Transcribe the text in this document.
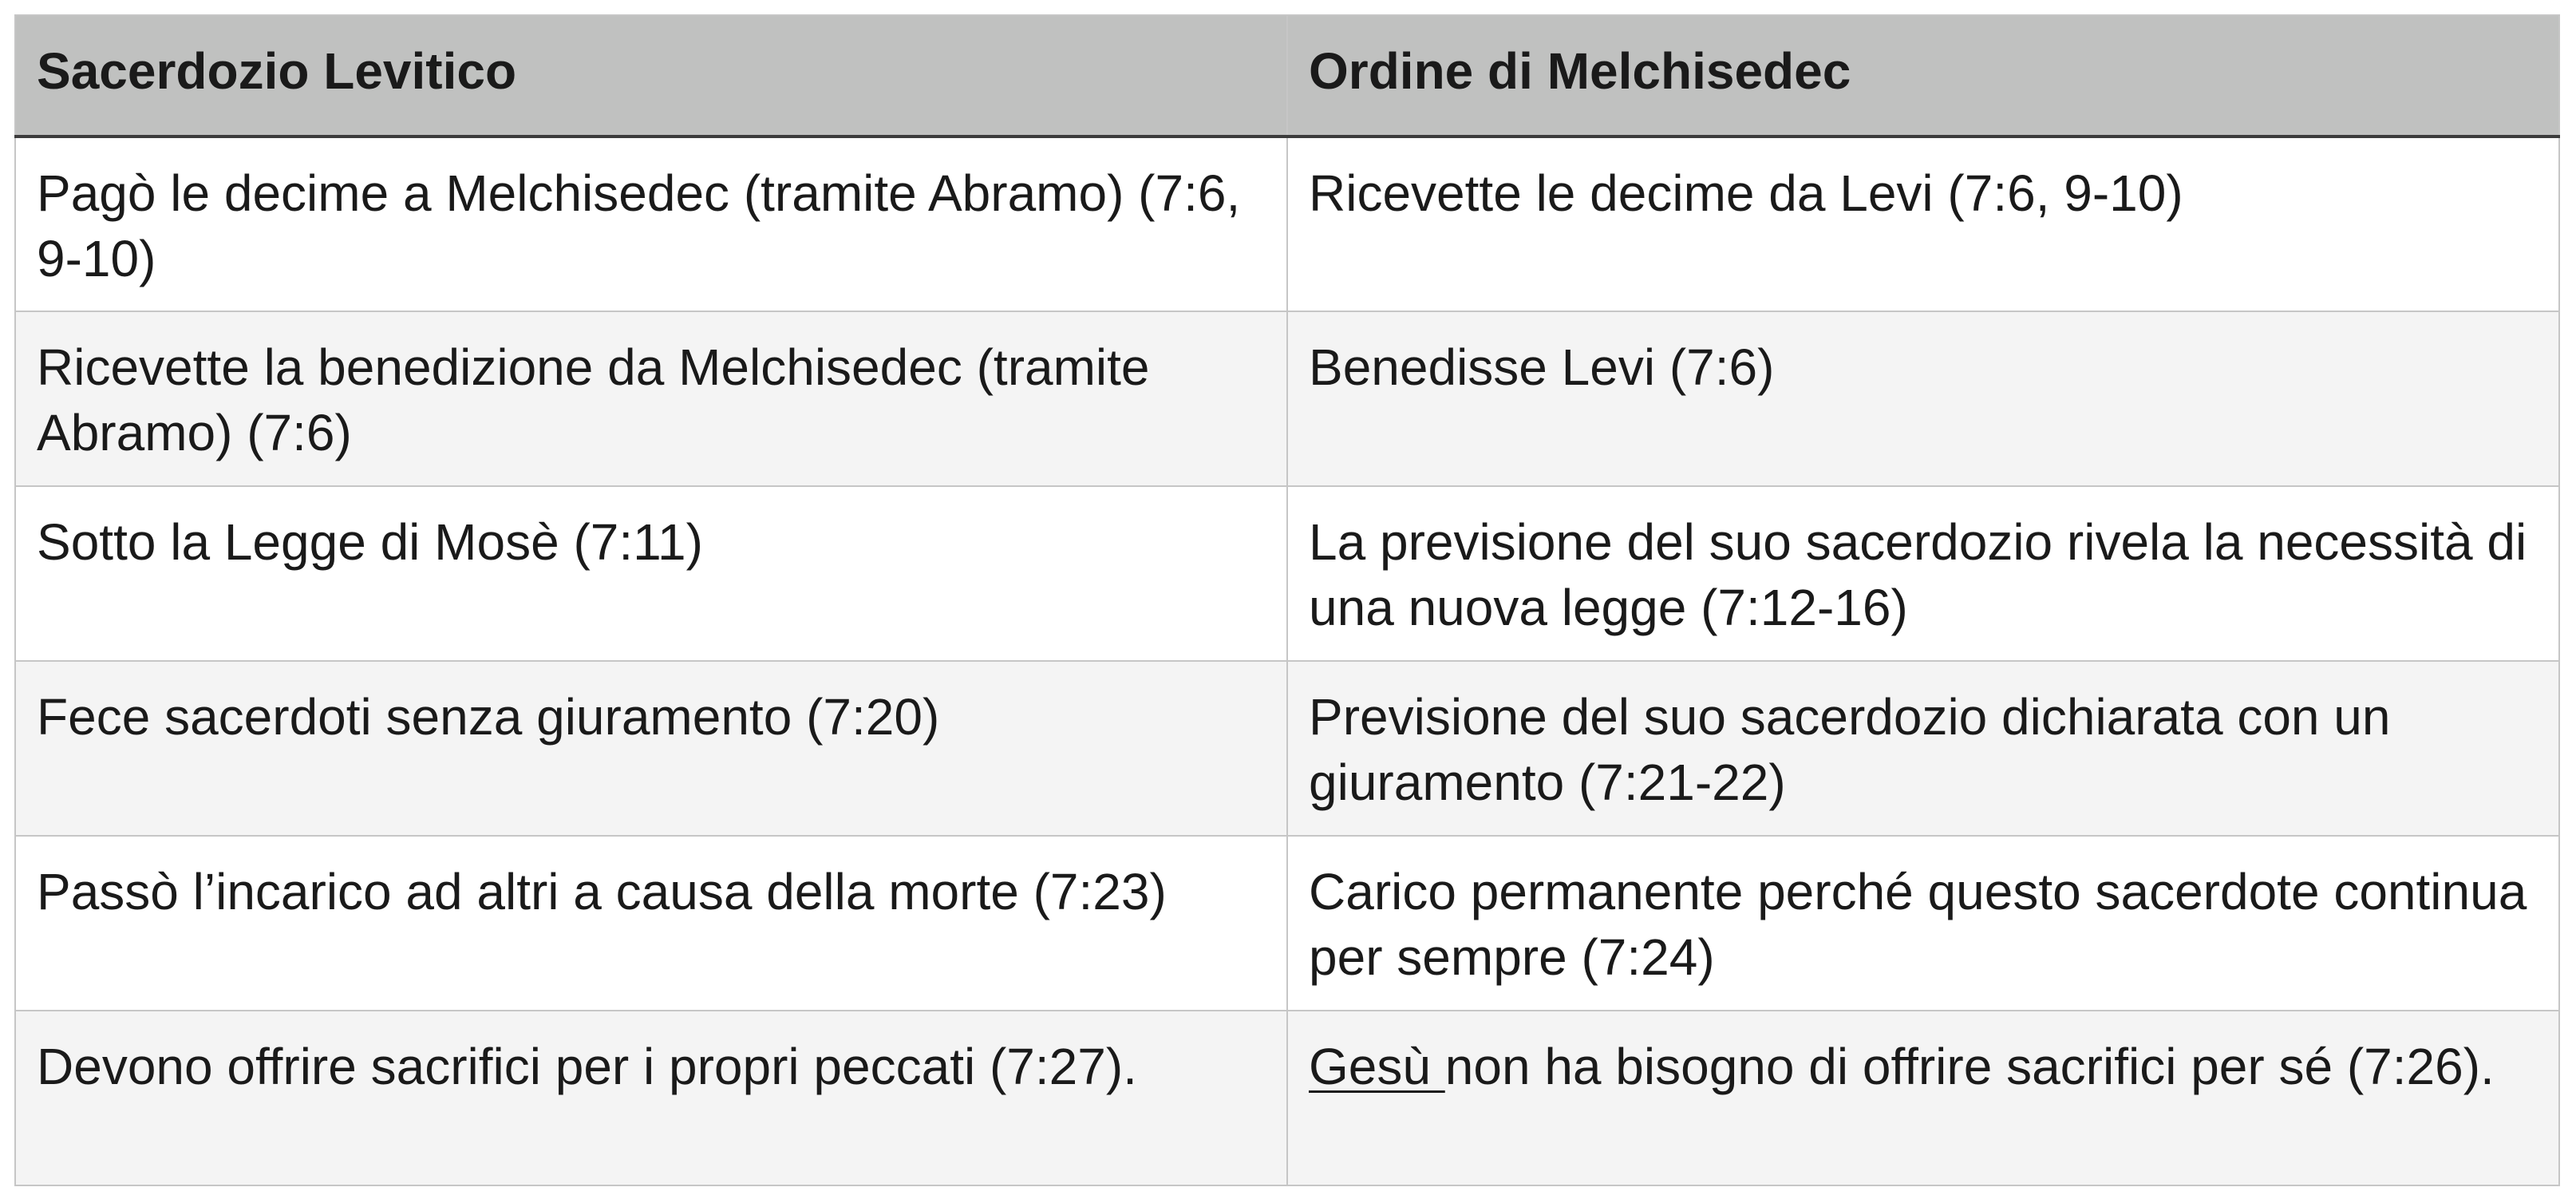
Sacerdozio Levitico	Ordine di Melchisedec
Pagò le decime a Melchisedec (tramite Abramo) (7:6, 9-10)	Ricevette le decime da Levi (7:6, 9-10)
Ricevette la benedizione da Melchisedec (tramite Abramo) (7:6)	Benedisse Levi (7:6)
Sotto la Legge di Mosè (7:11)	La previsione del suo sacerdozio rivela la necessità di una nuova legge (7:12-16)
Fece sacerdoti senza giuramento (7:20)	Previsione del suo sacerdozio dichiarata con un giuramento (7:21-22)
Passò l’incarico ad altri a causa della morte (7:23)	Carico permanente perché questo sacerdote continua per sempre (7:24)
Devono offrire sacrifici per i propri peccati (7:27).	Gesù non ha bisogno di offrire sacrifici per sé (7:26).
